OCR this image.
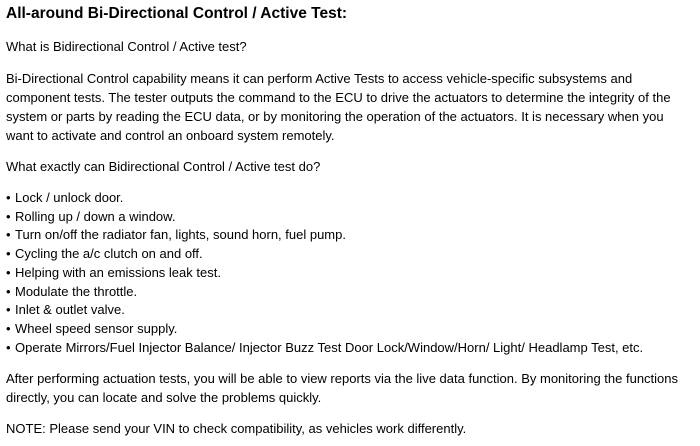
All-around Bi-Directional Control / Active Test:

What is Bidirectional Control / Active test?

Bi-Directional Control capability means it can perform Active Tests to access vehicle-specific subsystems and component tests. The tester outputs the command to the ECU to drive the actuators to determine the integrity of the system or parts by reading the ECU data, or by monitoring the operation of the actuators. It is necessary when you want to activate and control an onboard system remotely.

What exactly can Bidirectional Control / Active test do?

• Lock / unlock door.
• Rolling up / down a window.
• Turn on/off the radiator fan, lights, sound horn, fuel pump.
• Cycling the a/c clutch on and off.
• Helping with an emissions leak test.
• Modulate the throttle.
• Inlet & outlet valve.
• Wheel speed sensor supply.
• Operate Mirrors/Fuel Injector Balance/ Injector Buzz Test Door Lock/Window/Horn/ Light/ Headlamp Test, etc.

After performing actuation tests, you will be able to view reports via the live data function. By monitoring the functions directly, you can locate and solve the problems quickly.

NOTE: Please send your VIN to check compatibility, as vehicles work differently.
